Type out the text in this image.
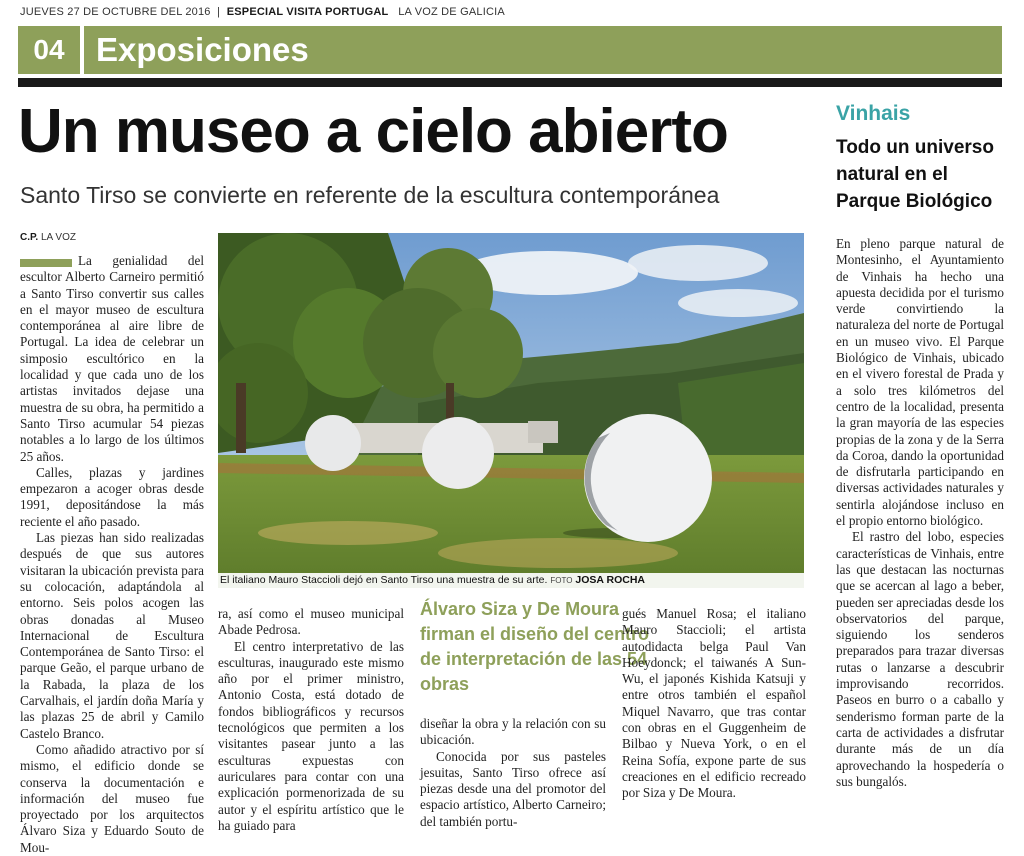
JUEVES 27 DE OCTUBRE DEL 2016  |  ESPECIAL VISITA PORTUGAL LA VOZ DE GALICIA
04 Exposiciones
Un museo a cielo abierto
Santo Tirso se convierte en referente de la escultura contemporánea
C.P. LA VOZ

La genialidad del escultor Alberto Carneiro permitió a Santo Tirso convertir sus calles en el mayor museo de escultura contemporánea al aire libre de Portugal. La idea de celebrar un simposio escultórico en la localidad y que cada uno de los artistas invitados dejase una muestra de su obra, ha permitido a Santo Tirso acumular 54 piezas notables a lo largo de los últimos 25 años.

Calles, plazas y jardines empezaron a acoger obras desde 1991, depositándose la más reciente el año pasado.

Las piezas han sido realizadas después de que sus autores visitaran la ubicación prevista para su colocación, adaptándola al entorno. Seis polos acogen las obras donadas al Museo Internacional de Escultura Contemporánea de Santo Tirso: el parque Geão, el parque urbano de la Rabada, la plaza de los Carvalhais, el jardín doña María y las plazas 25 de abril y Camilo Castelo Branco.

Como añadido atractivo por sí mismo, el edificio donde se conserva la documentación e información del museo fue proyectado por los arquitectos Álvaro Siza y Eduardo Souto de Mou-

El italiano Mauro Staccioli dejó en Santo Tirso una muestra de su arte. FOTO JOSA ROCHA

ra, así como el museo municipal Abade Pedrosa.

El centro interpretativo de las esculturas, inaugurado este mismo año por el primer ministro, Antonio Costa, está dotado de fondos bibliográficos y recursos tecnológicos que permiten a los visitantes pasear junto a las esculturas expuestas con auriculares para contar con una explicación pormenorizada de su autor y el espíritu artístico que le ha guiado para

Álvaro Siza y De Moura firman el diseño del centro de interpretación de las 54 obras

diseñar la obra y la relación con su ubicación.

Conocida por sus pasteles jesuitas, Santo Tirso ofrece así piezas desde una del promotor del espacio artístico, Alberto Carneiro; del también portu-

gués Manuel Rosa; el italiano Mauro Staccioli; el artista autodidacta belga Paul Van Hoeydonck; el taiwanés A Sun-Wu, el japonés Kishida Katsuji y entre otros también el español Miquel Navarro, que tras contar con obras en el Guggenheim de Bilbao y Nueva York, o en el Reina Sofía, expone parte de sus creaciones en el edificio recreado por Siza y De Moura.

Vinhais
Todo un universo natural en el Parque Biológico

En pleno parque natural de Montesinho, el Ayuntamiento de Vinhais ha hecho una apuesta decidida por el turismo verde convirtiendo la naturaleza del norte de Portugal en un museo vivo. El Parque Biológico de Vinhais, ubicado en el vivero forestal de Prada y a solo tres kilómetros del centro de la localidad, presenta la gran mayoría de las especies propias de la zona y de la Serra da Coroa, dando la oportunidad de disfrutarla participando en diversas actividades naturales y sentirla alojándose incluso en el propio entorno biológico.

El rastro del lobo, especies características de Vinhais, entre las que destacan las nocturnas que se acercan al lago a beber, pueden ser apreciadas desde los observatorios del parque, siguiendo los senderos preparados para trazar diversas rutas o lanzarse a descubrir improvisando recorridos. Paseos en burro o a caballo y senderismo forman parte de la carta de actividades a disfrutar durante más de un día aprovechando la hospedería o sus bungalós.
